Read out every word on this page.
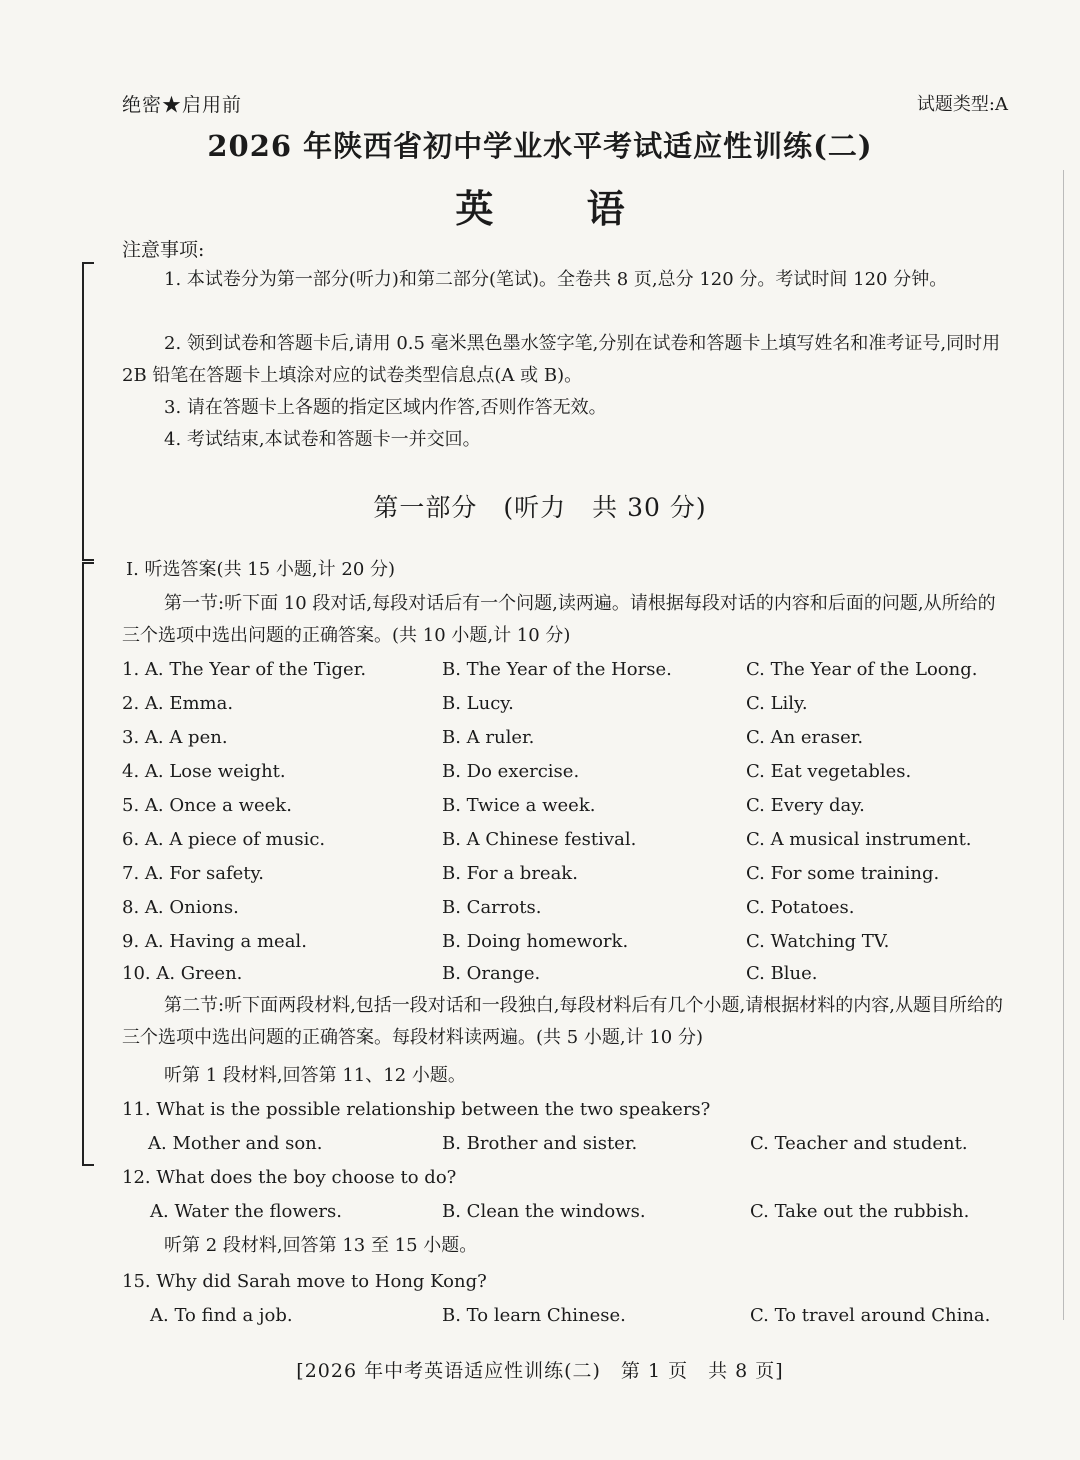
绝密★启用前	试题类型:A
2026 年陕西省初中学业水平考试适应性训练(二)
英 语
注意事项:
1. 本试卷分为第一部分(听力)和第二部分(笔试)。全卷共 8 页,总分 120 分。考试时间 120 分钟。
2. 领到试卷和答题卡后,请用 0.5 毫米黑色墨水签字笔,分别在试卷和答题卡上填写姓名和准考证号,同时用 2B 铅笔在答题卡上填涂对应的试卷类型信息点(A 或 B)。
3. 请在答题卡上各题的指定区域内作答,否则作答无效。
4. 考试结束,本试卷和答题卡一并交回。
第一部分　(听力　共 30 分)
I. 听选答案(共 15 小题,计 20 分)
第一节:听下面 10 段对话,每段对话后有一个问题,读两遍。请根据每段对话的内容和后面的问题,从所给的三个选项中选出问题的正确答案。(共 10 小题,计 10 分)
1. A. The Year of the Tiger.	B. The Year of the Horse.	C. The Year of the Loong.
2. A. Emma.	B. Lucy.	C. Lily.
3. A. A pen.	B. A ruler.	C. An eraser.
4. A. Lose weight.	B. Do exercise.	C. Eat vegetables.
5. A. Once a week.	B. Twice a week.	C. Every day.
6. A. A piece of music.	B. A Chinese festival.	C. A musical instrument.
7. A. For safety.	B. For a break.	C. For some training.
8. A. Onions.	B. Carrots.	C. Potatoes.
9. A. Having a meal.	B. Doing homework.	C. Watching TV.
10. A. Green.	B. Orange.	C. Blue.
第二节:听下面两段材料,包括一段对话和一段独白,每段材料后有几个小题,请根据材料的内容,从题目所给的三个选项中选出问题的正确答案。每段材料读两遍。(共 5 小题,计 10 分)
听第 1 段材料,回答第 11、12 小题。
11. What is the possible relationship between the two speakers?
A. Mother and son.	B. Brother and sister.	C. Teacher and student.
12. What does the boy choose to do?
A. Water the flowers.	B. Clean the windows.	C. Take out the rubbish.
听第 2 段材料,回答第 13 至 15 小题。
15. Why did Sarah move to Hong Kong?
A. To find a job.	B. To learn Chinese.	C. To travel around China.
[2026 年中考英语适应性训练(二)　第 1 页　共 8 页]
